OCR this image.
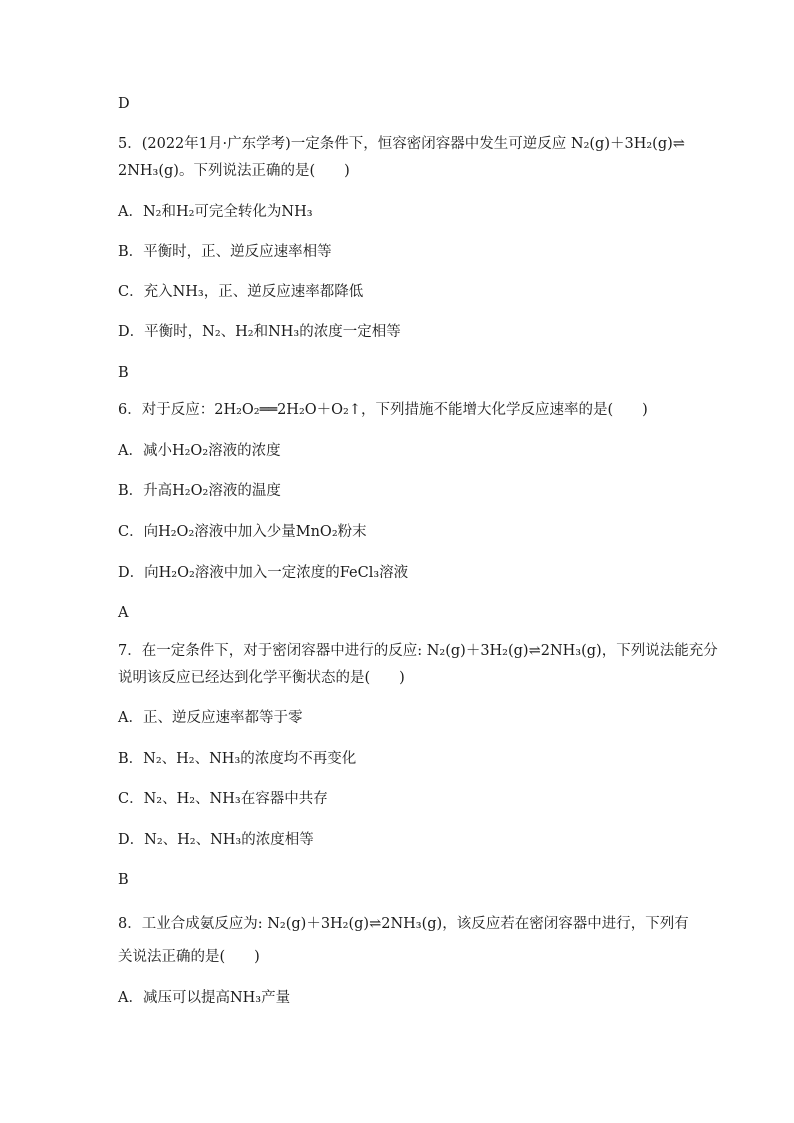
D
5．(2022年1月·广东学考)一定条件下，恒容密闭容器中发生可逆反应 N₂(g)＋3H₂(g)⇌
2NH₃(g)。下列说法正确的是(　　)
A．N₂和H₂可完全转化为NH₃
B．平衡时，正、逆反应速率相等
C．充入NH₃，正、逆反应速率都降低
D．平衡时，N₂、H₂和NH₃的浓度一定相等
B
6．对于反应：2H₂O₂══2H₂O＋O₂↑，下列措施不能增大化学反应速率的是(　　)
A．减小H₂O₂溶液的浓度
B．升高H₂O₂溶液的温度
C．向H₂O₂溶液中加入少量MnO₂粉末
D．向H₂O₂溶液中加入一定浓度的FeCl₃溶液
A
7．在一定条件下，对于密闭容器中进行的反应: N₂(g)＋3H₂(g)⇌2NH₃(g)，下列说法能充分
说明该反应已经达到化学平衡状态的是(　　)
A．正、逆反应速率都等于零
B．N₂、H₂、NH₃的浓度均不再变化
C．N₂、H₂、NH₃在容器中共存
D．N₂、H₂、NH₃的浓度相等
B
8．工业合成氨反应为: N₂(g)＋3H₂(g)⇌2NH₃(g)，该反应若在密闭容器中进行，下列有
关说法正确的是(　　)
A．减压可以提高NH₃产量
